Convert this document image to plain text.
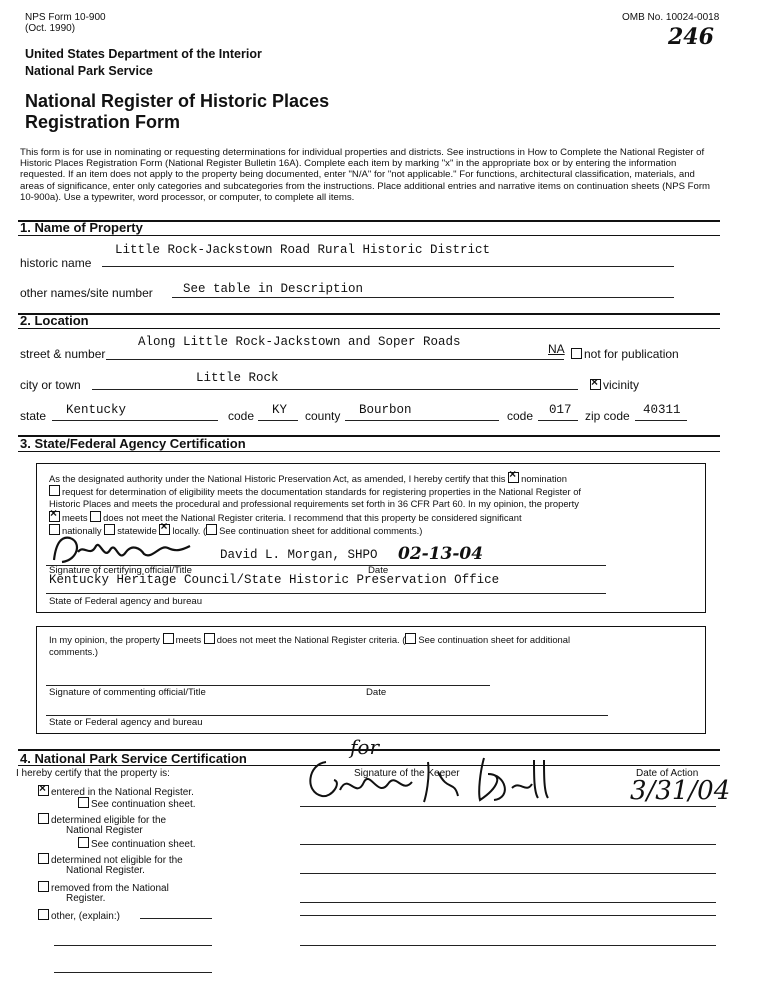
NPS Form 10-900
(Oct. 1990)
OMB No. 10024-0018
246
United States Department of the Interior
National Park Service
National Register of Historic Places
Registration Form
This form is for use in nominating or requesting determinations for individual properties and districts. See instructions in How to Complete the National Register of Historic Places Registration Form (National Register Bulletin 16A). Complete each item by marking "x" in the appropriate box or by entering the information requested. If an item does not apply to the property being documented, enter "N/A" for "not applicable." For functions, architectural classification, materials, and areas of significance, enter only categories and subcategories from the instructions. Place additional entries and narrative items on continuation sheets (NPS Form 10-900a). Use a typewriter, word processor, or computer, to complete all items.
1. Name of Property
historic name
Little Rock-Jackstown Road Rural Historic District
other names/site number See table in Description
2. Location
street & number
Along Little Rock-Jackstown and Soper Roads	NA	not for publication
city or town	Little Rock ×	vicinity
state Kentucky	code KY county Bourbon	code 017 zip code 40311
3. State/Federal Agency Certification
As the designated authority under the National Historic Preservation Act, as amended, I hereby certify that this × nomination
request for determination of eligibility meets the documentation standards for registering properties in the National Register of
Historic Places and meets the procedural and professional requirements set forth in 36 CFR Part 60. In my opinion, the property
×meets does not meet the National Register criteria. I recommend that this property be considered significant
nationally statewide × locally. ( See continuation sheet for additional comments.)
David L. Morgan, SHPO 02-13-04
Signature of certifying official/Title	Date
Kentucky Heritage Council/State Historic Preservation Office
State of Federal agency and bureau
In my opinion, the property meets does not meet the National Register criteria. ( See continuation sheet for additional
comments.)
Signature of commenting official/Title	Date
State or Federal agency and bureau
4. National Park Service Certification
I hereby certify that the property is:	Signature of the Keeper	Date of Action
for
3/31/04
×entered in the National Register.
See continuation sheet.
determined eligible for the
National Register
See continuation sheet.
determined not eligible for the
National Register.
removed from the National
Register.
other, (explain:)
